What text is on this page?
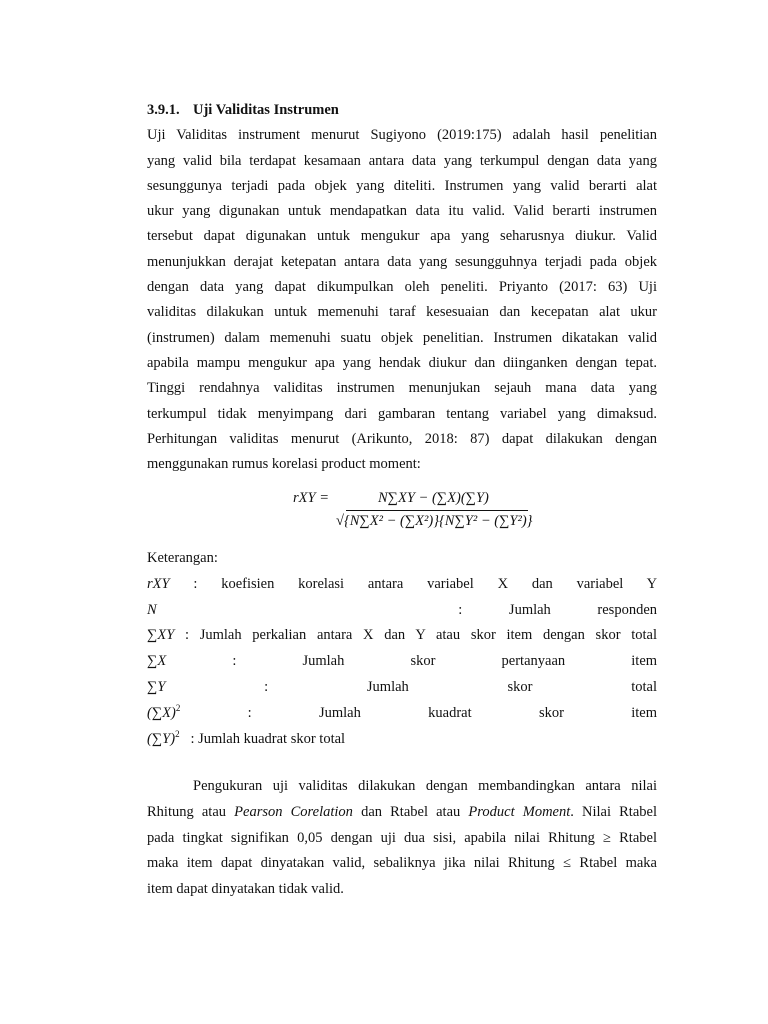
3.9.1. Uji Validitas Instrumen
Uji Validitas instrument menurut Sugiyono (2019:175) adalah hasil penelitian
yang valid bila terdapat kesamaan antara data yang terkumpul dengan data yang
sesunggunya terjadi pada objek yang diteliti. Instrumen yang valid berarti alat
ukur yang digunakan untuk mendapatkan data itu valid. Valid berarti instrumen
tersebut dapat digunakan untuk mengukur apa yang seharusnya diukur. Valid
menunjukkan derajat ketepatan antara data yang sesungguhnya terjadi pada objek
dengan data yang dapat dikumpulkan oleh peneliti. Priyanto (2017: 63) Uji
validitas dilakukan untuk memenuhi taraf kesesuaian dan kecepatan alat ukur
(instrumen) dalam memenuhi suatu objek penelitian. Instrumen dikatakan valid
apabila mampu mengukur apa yang hendak diukur dan diinganken dengan tepat.
Tinggi rendahnya validitas instrumen menunjukan sejauh mana data yang
terkumpul tidak menyimpang dari gambaran tentang variabel yang dimaksud.
Perhitungan validitas menurut (Arikunto, 2018: 87) dapat dilakukan dengan
menggunakan rumus korelasi product moment:
rXY =	N∑XY − (∑X)(∑Y)
√{N∑X² − (∑X²)}{N∑Y² − (∑Y²)}
Keterangan:
rXY : koefisien korelasi antara variabel X dan variabel Y
N	:	Jumlah	responden
∑XY : Jumlah perkalian antara X dan Y atau skor item dengan skor total
∑X	:	Jumlah	skor	pertanyaan	item
∑Y	:	Jumlah	skor	total
$(\sum X)^2$	:	Jumlah	kuadrat	skor	item
$(\sum Y)^2$ : Jumlah kuadrat skor total
Pengukuran uji validitas dilakukan dengan membandingkan antara nilai
Rhitung atau Pearson Corelation dan Rtabel atau Product Moment. Nilai Rtabel
pada tingkat signifikan 0,05 dengan uji dua sisi, apabila nilai Rhitung ≥ Rtabel
maka item dapat dinyatakan valid, sebaliknya jika nilai Rhitung ≤ Rtabel maka
item dapat dinyatakan tidak valid.
